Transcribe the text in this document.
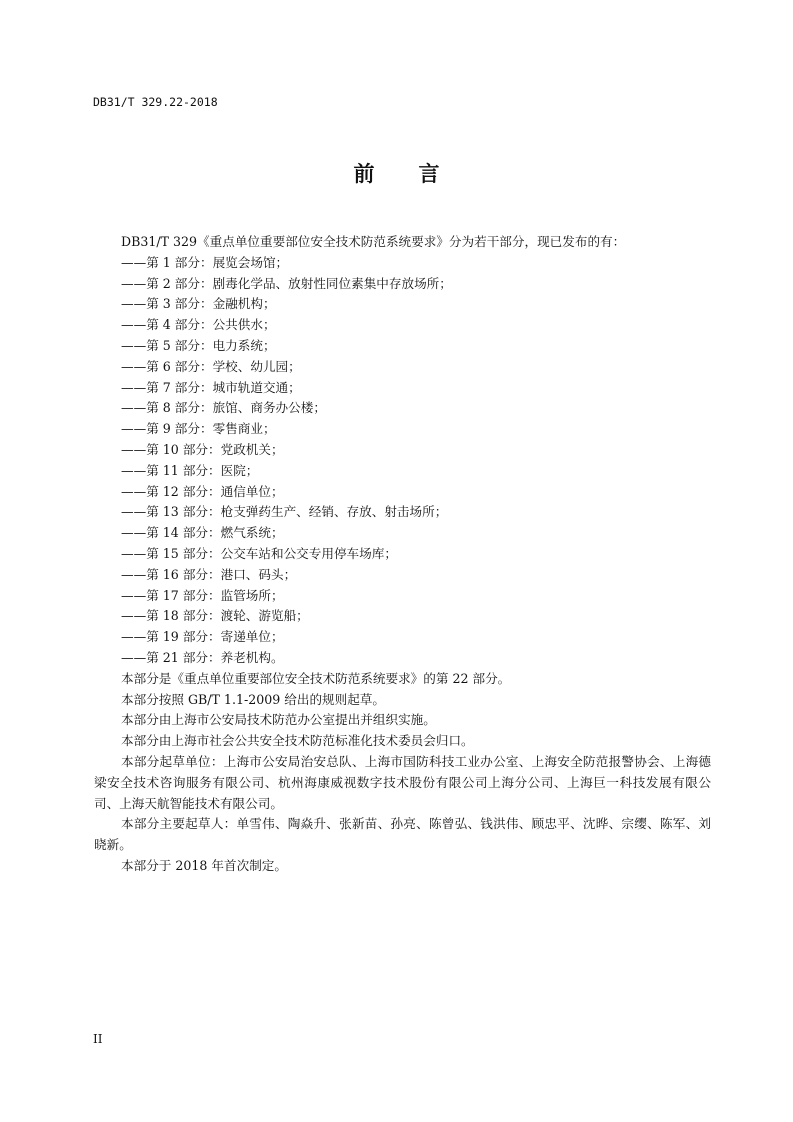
DB31/T 329.22-2018
前 言
DB31/T 329《重点单位重要部位安全技术防范系统要求》分为若干部分，现已发布的有：
——第 1 部分：展览会场馆；
——第 2 部分：剧毒化学品、放射性同位素集中存放场所；
——第 3 部分：金融机构；
——第 4 部分：公共供水；
——第 5 部分：电力系统；
——第 6 部分：学校、幼儿园；
——第 7 部分：城市轨道交通；
——第 8 部分：旅馆、商务办公楼；
——第 9 部分：零售商业；
——第 10 部分：党政机关；
——第 11 部分：医院；
——第 12 部分：通信单位；
——第 13 部分：枪支弹药生产、经销、存放、射击场所；
——第 14 部分：燃气系统；
——第 15 部分：公交车站和公交专用停车场库；
——第 16 部分：港口、码头；
——第 17 部分：监管场所；
——第 18 部分：渡轮、游览船；
——第 19 部分：寄递单位；
——第 21 部分：养老机构。
本部分是《重点单位重要部位安全技术防范系统要求》的第 22 部分。
本部分按照 GB/T 1.1-2009 给出的规则起草。
本部分由上海市公安局技术防范办公室提出并组织实施。
本部分由上海市社会公共安全技术防范标准化技术委员会归口。
本部分起草单位：上海市公安局治安总队、上海市国防科技工业办公室、上海安全防范报警协会、上海德梁安全技术咨询服务有限公司、杭州海康威视数字技术股份有限公司上海分公司、上海巨一科技发展有限公司、上海天航智能技术有限公司。
本部分主要起草人：单雪伟、陶焱升、张新苗、孙亮、陈曾弘、钱洪伟、顾忠平、沈晔、宗缨、陈军、刘晓新。
本部分于 2018 年首次制定。
II
